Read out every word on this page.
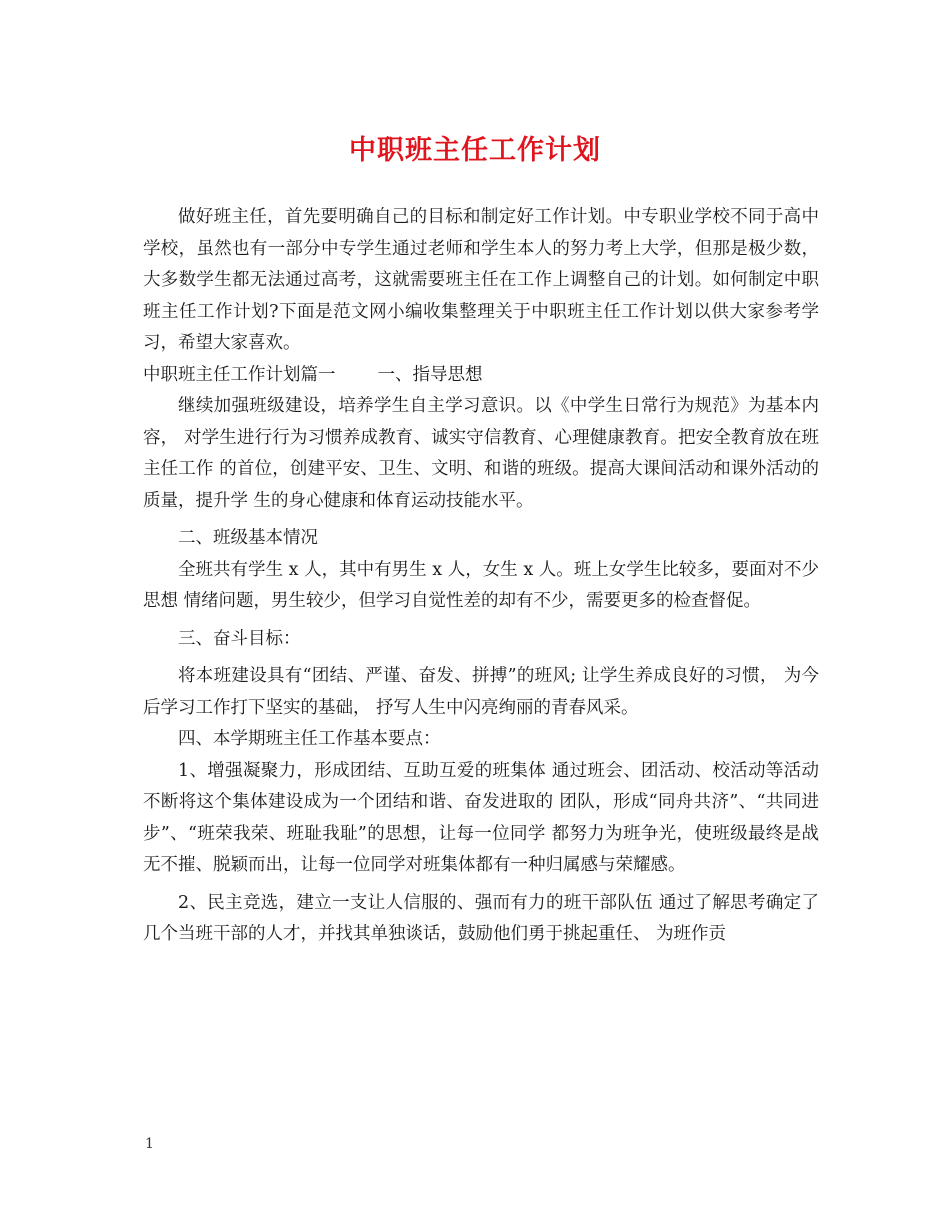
中职班主任工作计划

做好班主任，首先要明确自己的目标和制定好工作计划。中专职业学校不同于高中学校，虽然也有一部分中专学生通过老师和学生本人的努力考上大学，但那是极少数，大多数学生都无法通过高考，这就需要班主任在工作上调整自己的计划。如何制定中职班主任工作计划?下面是范文网小编收集整理关于中职班主任工作计划以供大家参考学习，希望大家喜欢。

中职班主任工作计划篇一 一、指导思想

继续加强班级建设，培养学生自主学习意识。以《中学生日常行为规范》为基本内容， 对学生进行行为习惯养成教育、诚实守信教育、心理健康教育。把安全教育放在班主任工作 的首位，创建平安、卫生、文明、和谐的班级。提高大课间活动和课外活动的质量，提升学 生的身心健康和体育运动技能水平。

二、班级基本情况

全班共有学生 x 人，其中有男生 x 人，女生 x 人。班上女学生比较多，要面对不少思想 情绪问题，男生较少，但学习自觉性差的却有不少，需要更多的检查督促。

三、奋斗目标：

将本班建设具有“团结、严谨、奋发、拼搏”的班风; 让学生养成良好的习惯， 为今后学习工作打下坚实的基础， 抒写人生中闪亮绚丽的青春风采。

四、本学期班主任工作基本要点：

1、增强凝聚力，形成团结、互助互爱的班集体 通过班会、团活动、校活动等活动不断将这个集体建设成为一个团结和谐、奋发进取的 团队，形成“同舟共济”、“共同进步”、“班荣我荣、班耻我耻”的思想，让每一位同学 都努力为班争光，使班级最终是战无不摧、脱颖而出，让每一位同学对班集体都有一种归属感与荣耀感。

2、民主竞选，建立一支让人信服的、强而有力的班干部队伍 通过了解思考确定了几个当班干部的人才，并找其单独谈话，鼓励他们勇于挑起重任、 为班作贡

1
